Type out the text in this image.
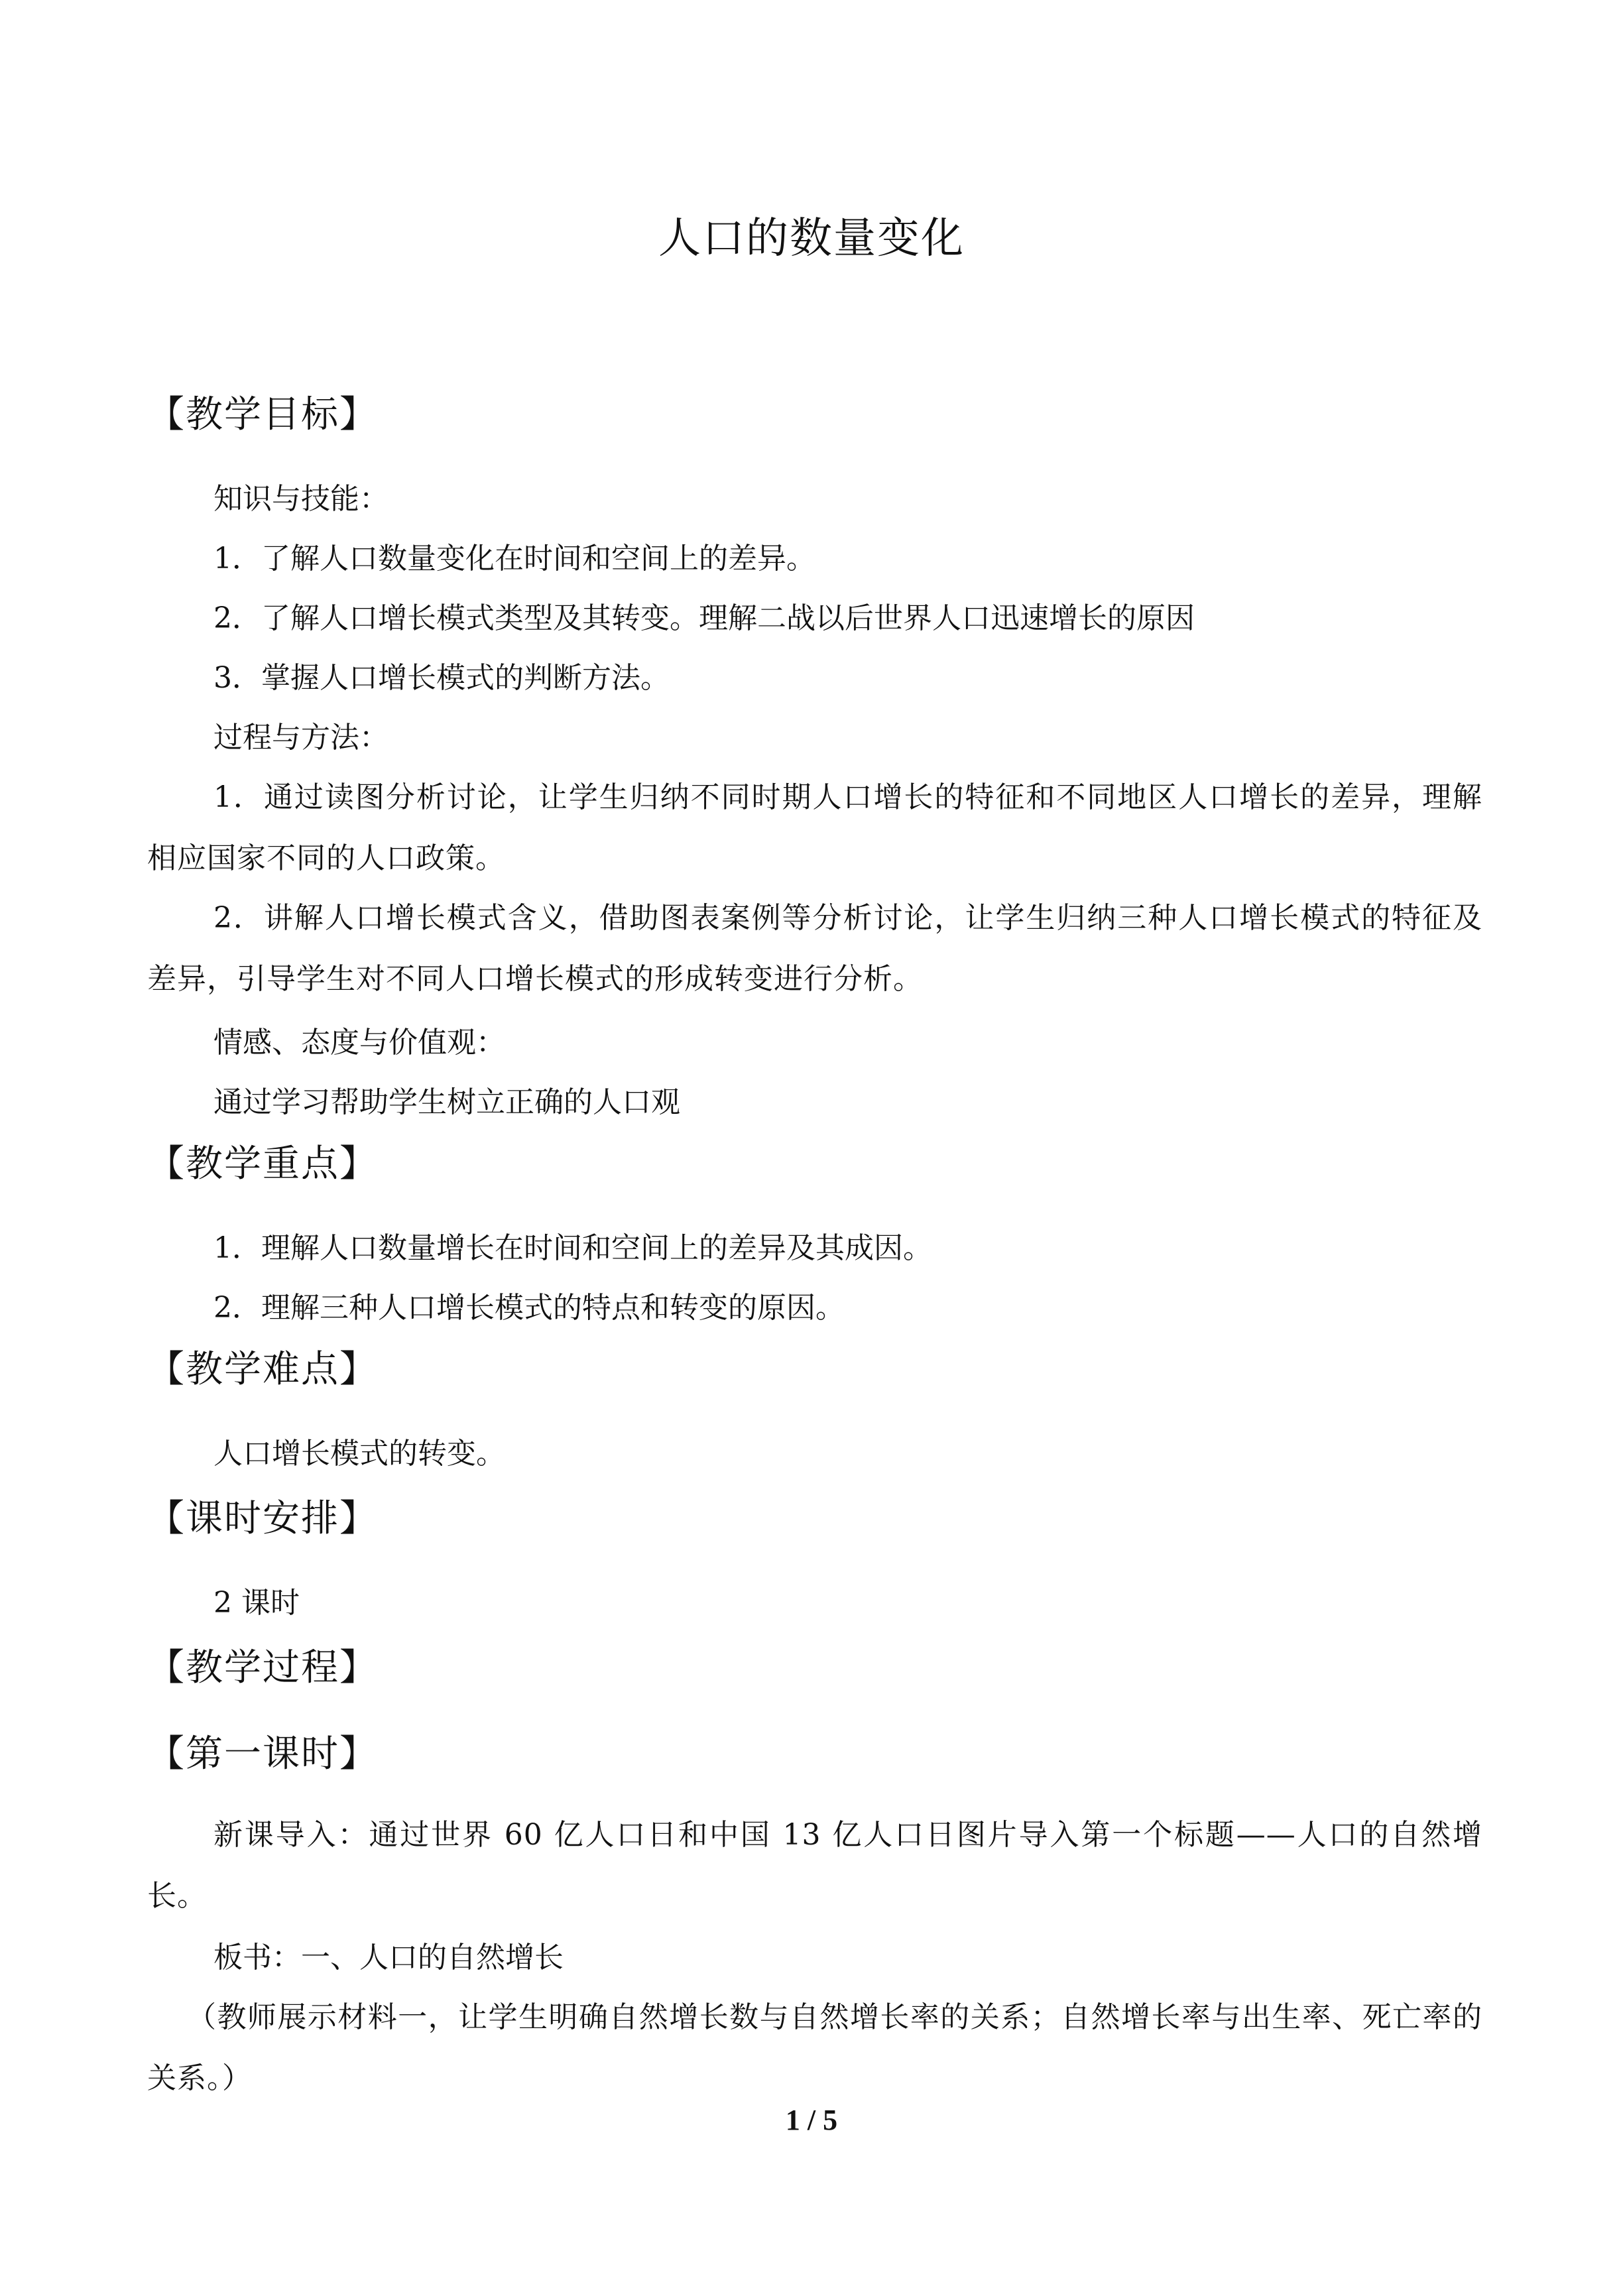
人口的数量变化
【教学目标】
知识与技能：
1．了解人口数量变化在时间和空间上的差异。
2．了解人口增长模式类型及其转变。理解二战以后世界人口迅速增长的原因
3．掌握人口增长模式的判断方法。
过程与方法：
1．通过读图分析讨论，让学生归纳不同时期人口增长的特征和不同地区人口增长的差异，理解相应国家不同的人口政策。
2．讲解人口增长模式含义，借助图表案例等分析讨论，让学生归纳三种人口增长模式的特征及差异，引导学生对不同人口增长模式的形成转变进行分析。
情感、态度与价值观：
通过学习帮助学生树立正确的人口观
【教学重点】
1．理解人口数量增长在时间和空间上的差异及其成因。
2．理解三种人口增长模式的特点和转变的原因。
【教学难点】
人口增长模式的转变。
【课时安排】
2 课时
【教学过程】
【第一课时】
新课导入：通过世界 60 亿人口日和中国 13 亿人口日图片导入第一个标题——人口的自然增长。
板书：一、人口的自然增长
（教师展示材料一，让学生明确自然增长数与自然增长率的关系；自然增长率与出生率、死亡率的关系。）
1 / 5
